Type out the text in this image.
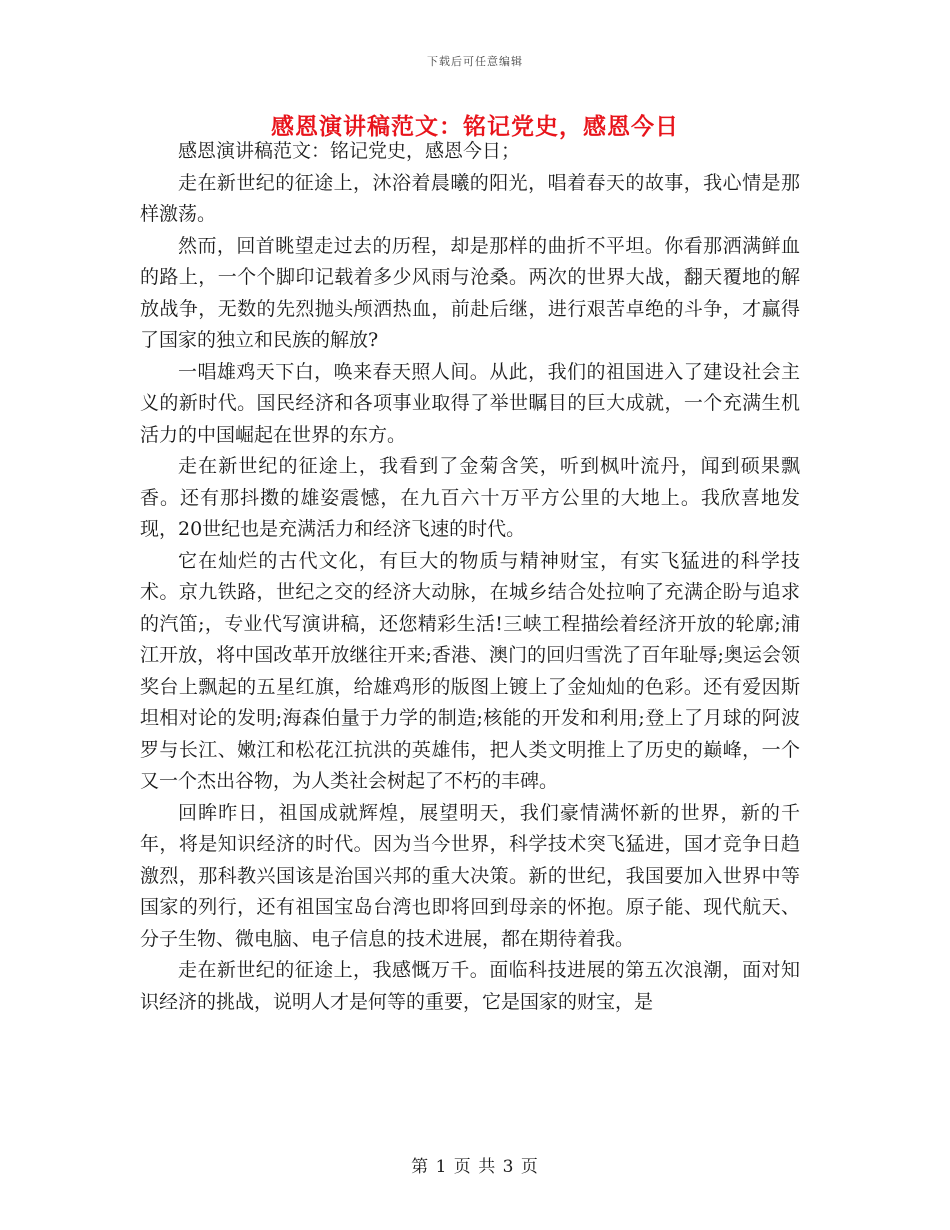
下载后可任意编辑
感恩演讲稿范文：铭记党史，感恩今日

感恩演讲稿范文：铭记党史，感恩今日；

走在新世纪的征途上，沐浴着晨曦的阳光，唱着春天的故事，我心情是那样激荡。

然而，回首眺望走过去的历程，却是那样的曲折不平坦。你看那洒满鲜血的路上，一个个脚印记载着多少风雨与沧桑。两次的世界大战，翻天覆地的解放战争，无数的先烈抛头颅洒热血，前赴后继，进行艰苦卓绝的斗争，才赢得了国家的独立和民族的解放?

一唱雄鸡天下白，唤来春天照人间。从此，我们的祖国进入了建设社会主义的新时代。国民经济和各项事业取得了举世瞩目的巨大成就，一个充满生机活力的中国崛起在世界的东方。

走在新世纪的征途上，我看到了金菊含笑，听到枫叶流丹，闻到硕果飘香。还有那抖擞的雄姿震憾，在九百六十万平方公里的大地上。我欣喜地发现，20世纪也是充满活力和经济飞速的时代。

它在灿烂的古代文化，有巨大的物质与精神财宝，有实飞猛进的科学技术。京九铁路，世纪之交的经济大动脉，在城乡结合处拉响了充满企盼与追求的汽笛;，专业代写演讲稿，还您精彩生活!三峡工程描绘着经济开放的轮廓;浦江开放，将中国改革开放继往开来;香港、澳门的回归雪洗了百年耻辱;奥运会领奖台上飘起的五星红旗，给雄鸡形的版图上镀上了金灿灿的色彩。还有爱因斯坦相对论的发明;海森伯量于力学的制造;核能的开发和利用;登上了月球的阿波罗与长江、嫩江和松花江抗洪的英雄伟，把人类文明推上了历史的巅峰，一个又一个杰出谷物，为人类社会树起了不朽的丰碑。

回眸昨日，祖国成就辉煌，展望明天，我们豪情满怀新的世界，新的千年，将是知识经济的时代。因为当今世界，科学技术突飞猛进，国才竞争日趋激烈，那科教兴国该是治国兴邦的重大决策。新的世纪，我国要加入世界中等国家的列行，还有祖国宝岛台湾也即将回到母亲的怀抱。原子能、现代航天、分子生物、微电脑、电子信息的技术进展，都在期待着我。

走在新世纪的征途上，我感慨万千。面临科技进展的第五次浪潮，面对知识经济的挑战，说明人才是何等的重要，它是国家的财宝，是

第 1 页 共 3 页
